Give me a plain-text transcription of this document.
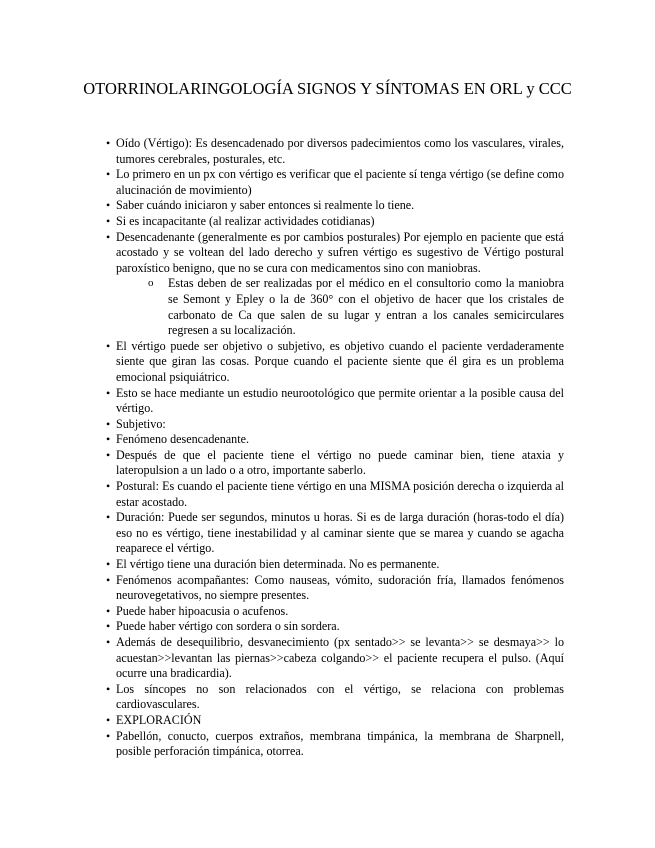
OTORRINOLARINGOLOGÍA SIGNOS Y SÍNTOMAS EN ORL y CCC
• Oído (Vértigo): Es desencadenado por diversos padecimientos como los vasculares, virales, tumores cerebrales, posturales, etc.
• Lo primero en un px con vértigo es verificar que el paciente sí tenga vértigo (se define como alucinación de movimiento)
• Saber cuándo iniciaron y saber entonces si realmente lo tiene.
• Si es incapacitante (al realizar actividades cotidianas)
• Desencadenante (generalmente es por cambios posturales) Por ejemplo en paciente que está acostado y se voltean del lado derecho y sufren vértigo es sugestivo de Vértigo postural paroxístico benigno, que no se cura con medicamentos sino con maniobras.
o Estas deben de ser realizadas por el médico en el consultorio como la maniobra se Semont y Epley o la de 360° con el objetivo de hacer que los cristales de carbonato de Ca que salen de su lugar y entran a los canales semicirculares regresen a su localización.
• El vértigo puede ser objetivo o subjetivo, es objetivo cuando el paciente verdaderamente siente que giran las cosas. Porque cuando el paciente siente que él gira es un problema emocional psiquiátrico.
• Esto se hace mediante un estudio neurootológico que permite orientar a la posible causa del vértigo.
• Subjetivo:
• Fenómeno desencadenante.
• Después de que el paciente tiene el vértigo no puede caminar bien, tiene ataxia y lateropulsion a un lado o a otro, importante saberlo.
• Postural: Es cuando el paciente tiene vértigo en una MISMA posición derecha o izquierda al estar acostado.
• Duración: Puede ser segundos, minutos u horas. Si es de larga duración (horas-todo el día) eso no es vértigo, tiene inestabilidad y al caminar siente que se marea y cuando se agacha reaparece el vértigo.
• El vértigo tiene una duración bien determinada. No es permanente.
• Fenómenos acompañantes: Como nauseas, vómito, sudoración fría, llamados fenómenos neurovegetativos, no siempre presentes.
• Puede haber hipoacusia o acufenos.
• Puede haber vértigo con sordera o sin sordera.
• Además de desequilibrio, desvanecimiento (px sentado>> se levanta>> se desmaya>> lo acuestan>>levantan las piernas>>cabeza colgando>> el paciente recupera el pulso. (Aquí ocurre una bradicardia).
• Los síncopes no son relacionados con el vértigo, se relaciona con problemas cardiovasculares.
• EXPLORACIÓN
• Pabellón, conucto, cuerpos extraños, membrana timpánica, la membrana de Sharpnell, posible perforación timpánica, otorrea.
